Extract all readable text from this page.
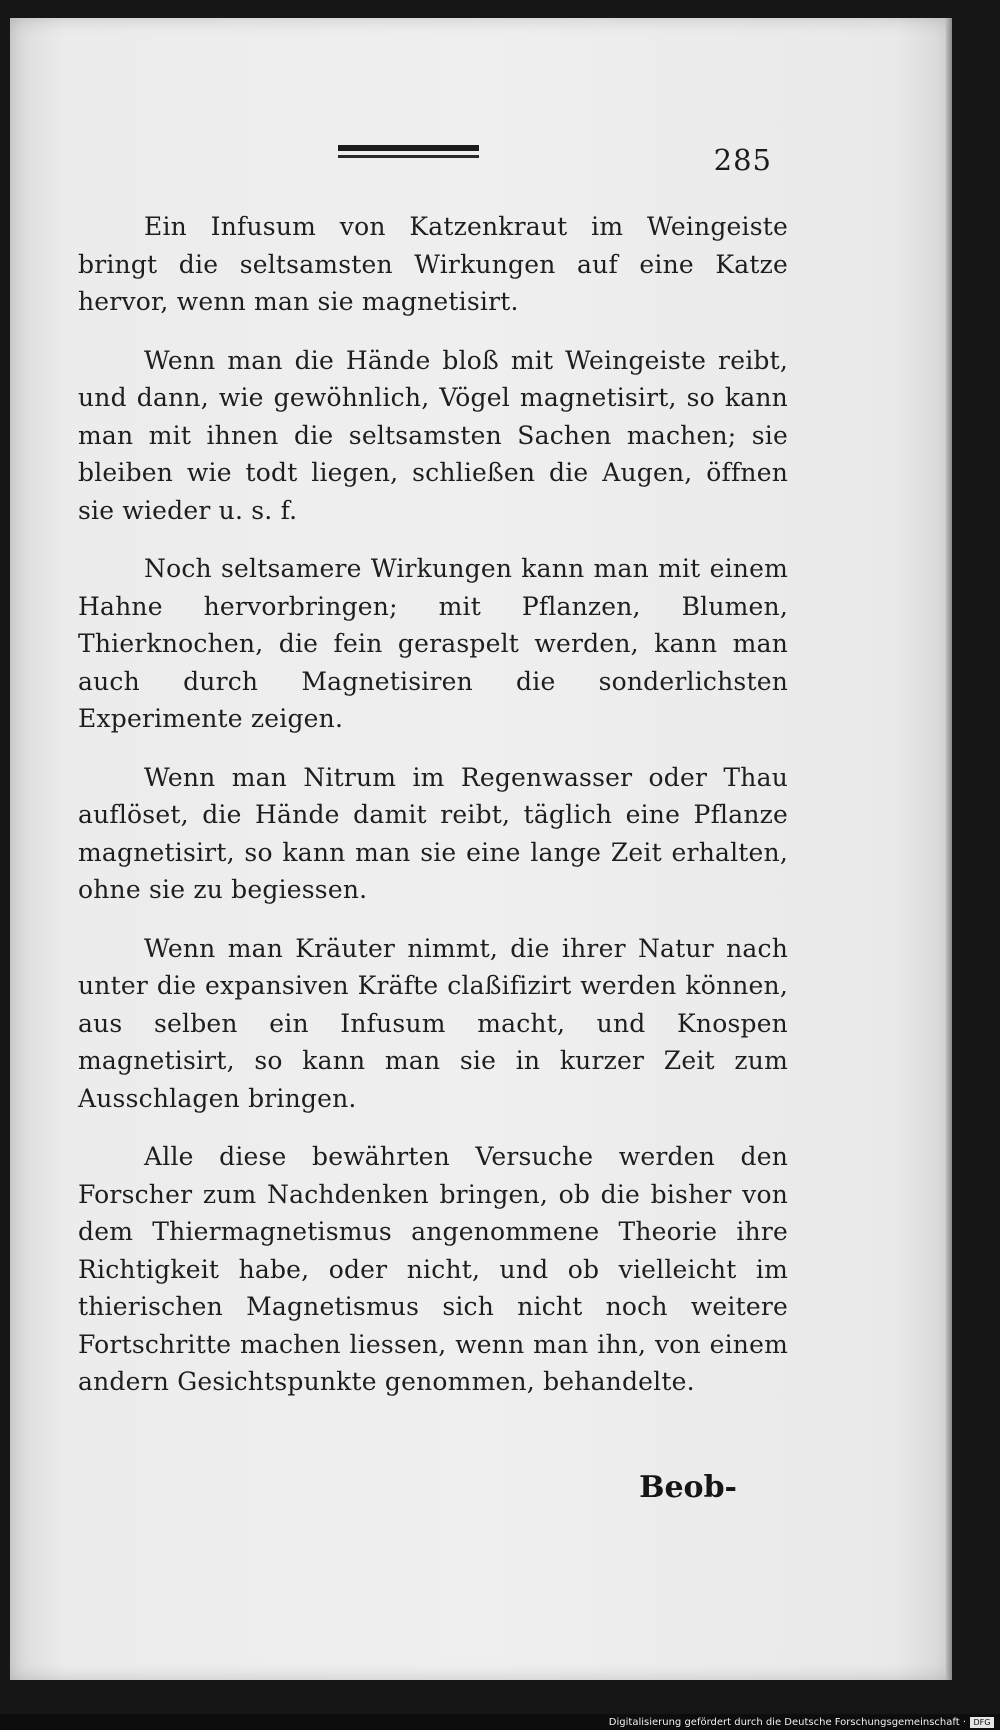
285

Ein Infusum von Katzenkraut im Weingeiste bringt die seltsamsten Wirkungen auf eine Katze hervor, wenn man sie magnetisirt.

Wenn man die Hände bloß mit Weingeiste reibt, und dann, wie gewöhnlich, Vögel magnetisirt, so kann man mit ihnen die seltsamsten Sachen machen; sie bleiben wie todt liegen, schließen die Augen, öffnen sie wieder u. s. f.

Noch seltsamere Wirkungen kann man mit einem Hahne hervorbringen; mit Pflanzen, Blumen, Thierknochen, die fein geraspelt werden, kann man auch durch Magnetisiren die sonderlichsten Experimente zeigen.

Wenn man Nitrum im Regenwasser oder Thau auflöset, die Hände damit reibt, täglich eine Pflanze magnetisirt, so kann man sie eine lange Zeit erhalten, ohne sie zu begiessen.

Wenn man Kräuter nimmt, die ihrer Natur nach unter die expansiven Kräfte claßifizirt werden können, aus selben ein Infusum macht, und Knospen magnetisirt, so kann man sie in kurzer Zeit zum Ausschlagen bringen.

Alle diese bewährten Versuche werden den Forscher zum Nachdenken bringen, ob die bisher von dem Thiermagnetismus angenommene Theorie ihre Richtigkeit habe, oder nicht, und ob vielleicht im thierischen Magnetismus sich nicht noch weitere Fortschritte machen liessen, wenn man ihn, von einem andern Gesichtspunkte genommen, behandelte.

Beob-
Digitalisierung gefördert durch die Deutsche Forschungsgemeinschaft · DFG
